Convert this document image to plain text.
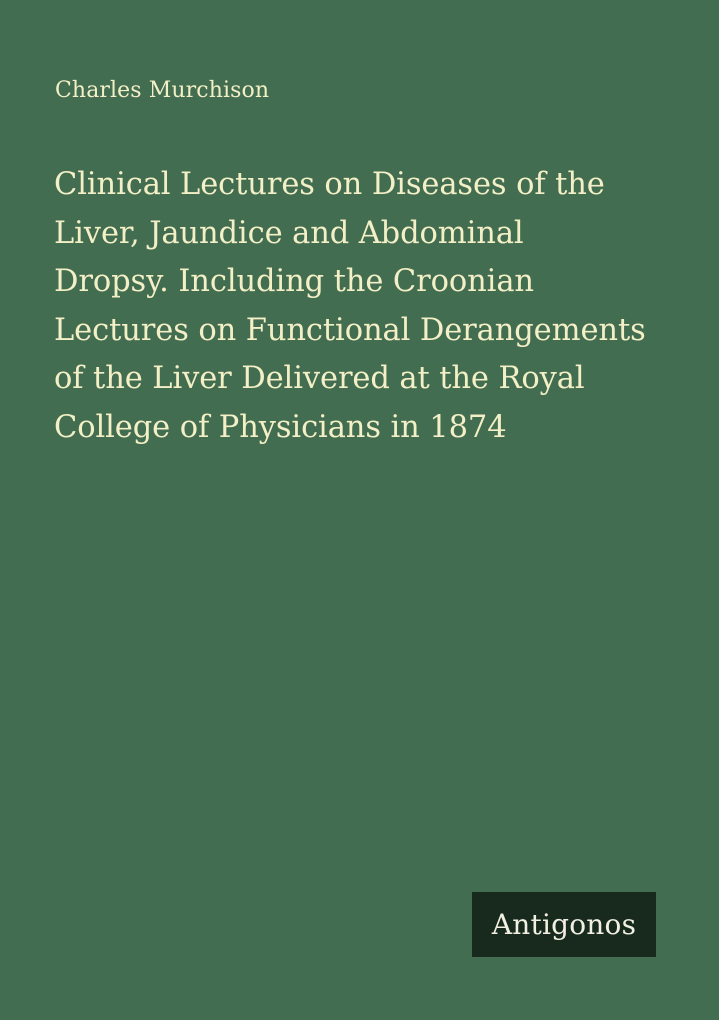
Charles Murchison

Clinical Lectures on Diseases of the
Liver, Jaundice and Abdominal
Dropsy. Including the Croonian
Lectures on Functional Derangements
of the Liver Delivered at the Royal
College of Physicians in 1874
Antigonos
